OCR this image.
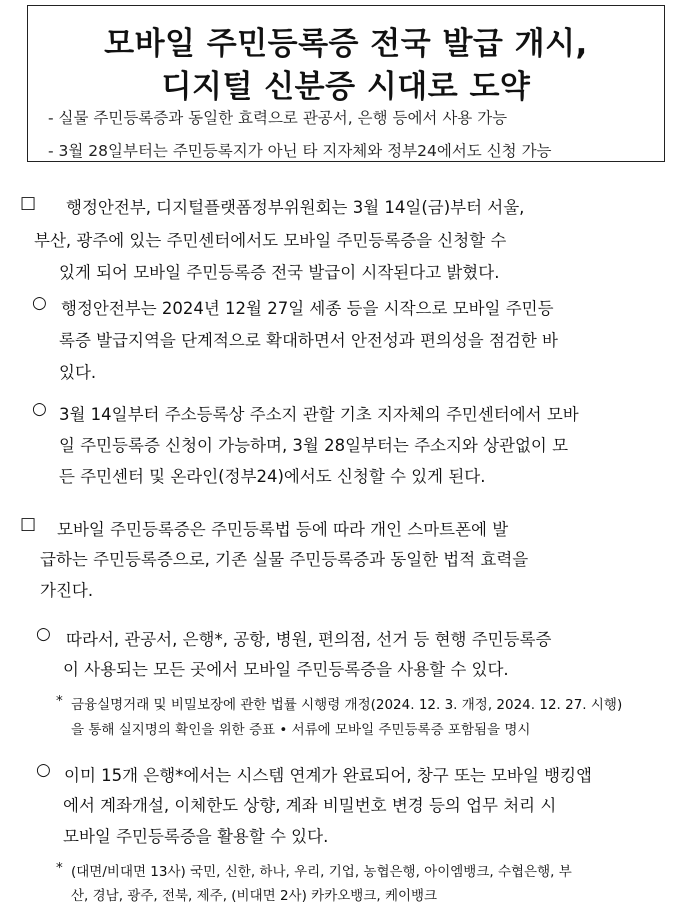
모바일 주민등록증 전국 발급 개시,
디지털 신분증 시대로 도약
- 실물 주민등록증과 동일한 효력으로 관공서, 은행 등에서 사용 가능
- 3월 28일부터는 주민등록지가 아닌 타 지자체와 정부24에서도 신청 가능
□ 행정안전부, 디지털플랫폼정부위원회는 3월 14일(금)부터 서울,
부산, 광주에 있는 주민센터에서도 모바일 주민등록증을 신청할 수
있게 되어 모바일 주민등록증 전국 발급이 시작된다고 밝혔다.
○ 행정안전부는 2024년 12월 27일 세종 등을 시작으로 모바일 주민등
록증 발급지역을 단계적으로 확대하면서 안전성과 편의성을 점검한 바
있다.
○ 3월 14일부터 주소등록상 주소지 관할 기초 지자체의 주민센터에서 모바
일 주민등록증 신청이 가능하며, 3월 28일부터는 주소지와 상관없이 모
든 주민센터 및 온라인(정부24)에서도 신청할 수 있게 된다.
□ 모바일 주민등록증은 주민등록법 등에 따라 개인 스마트폰에 발
급하는 주민등록증으로, 기존 실물 주민등록증과 동일한 법적 효력을
가진다.
○ 따라서, 관공서, 은행*, 공항, 병원, 편의점, 선거 등 현행 주민등록증
이 사용되는 모든 곳에서 모바일 주민등록증을 사용할 수 있다.
* 금융실명거래 및 비밀보장에 관한 법률 시행령 개정(2024. 12. 3. 개정, 2024. 12. 27. 시행)
을 통해 실지명의 확인을 위한 증표 • 서류에 모바일 주민등록증 포함됨을 명시
○ 이미 15개 은행*에서는 시스템 연계가 완료되어, 창구 또는 모바일 뱅킹앱
에서 계좌개설, 이체한도 상향, 계좌 비밀번호 변경 등의 업무 처리 시
모바일 주민등록증을 활용할 수 있다.
* (대면/비대면 13사) 국민, 신한, 하나, 우리, 기업, 농협은행, 아이엠뱅크, 수협은행, 부
산, 경남, 광주, 전북, 제주, (비대면 2사) 카카오뱅크, 케이뱅크
